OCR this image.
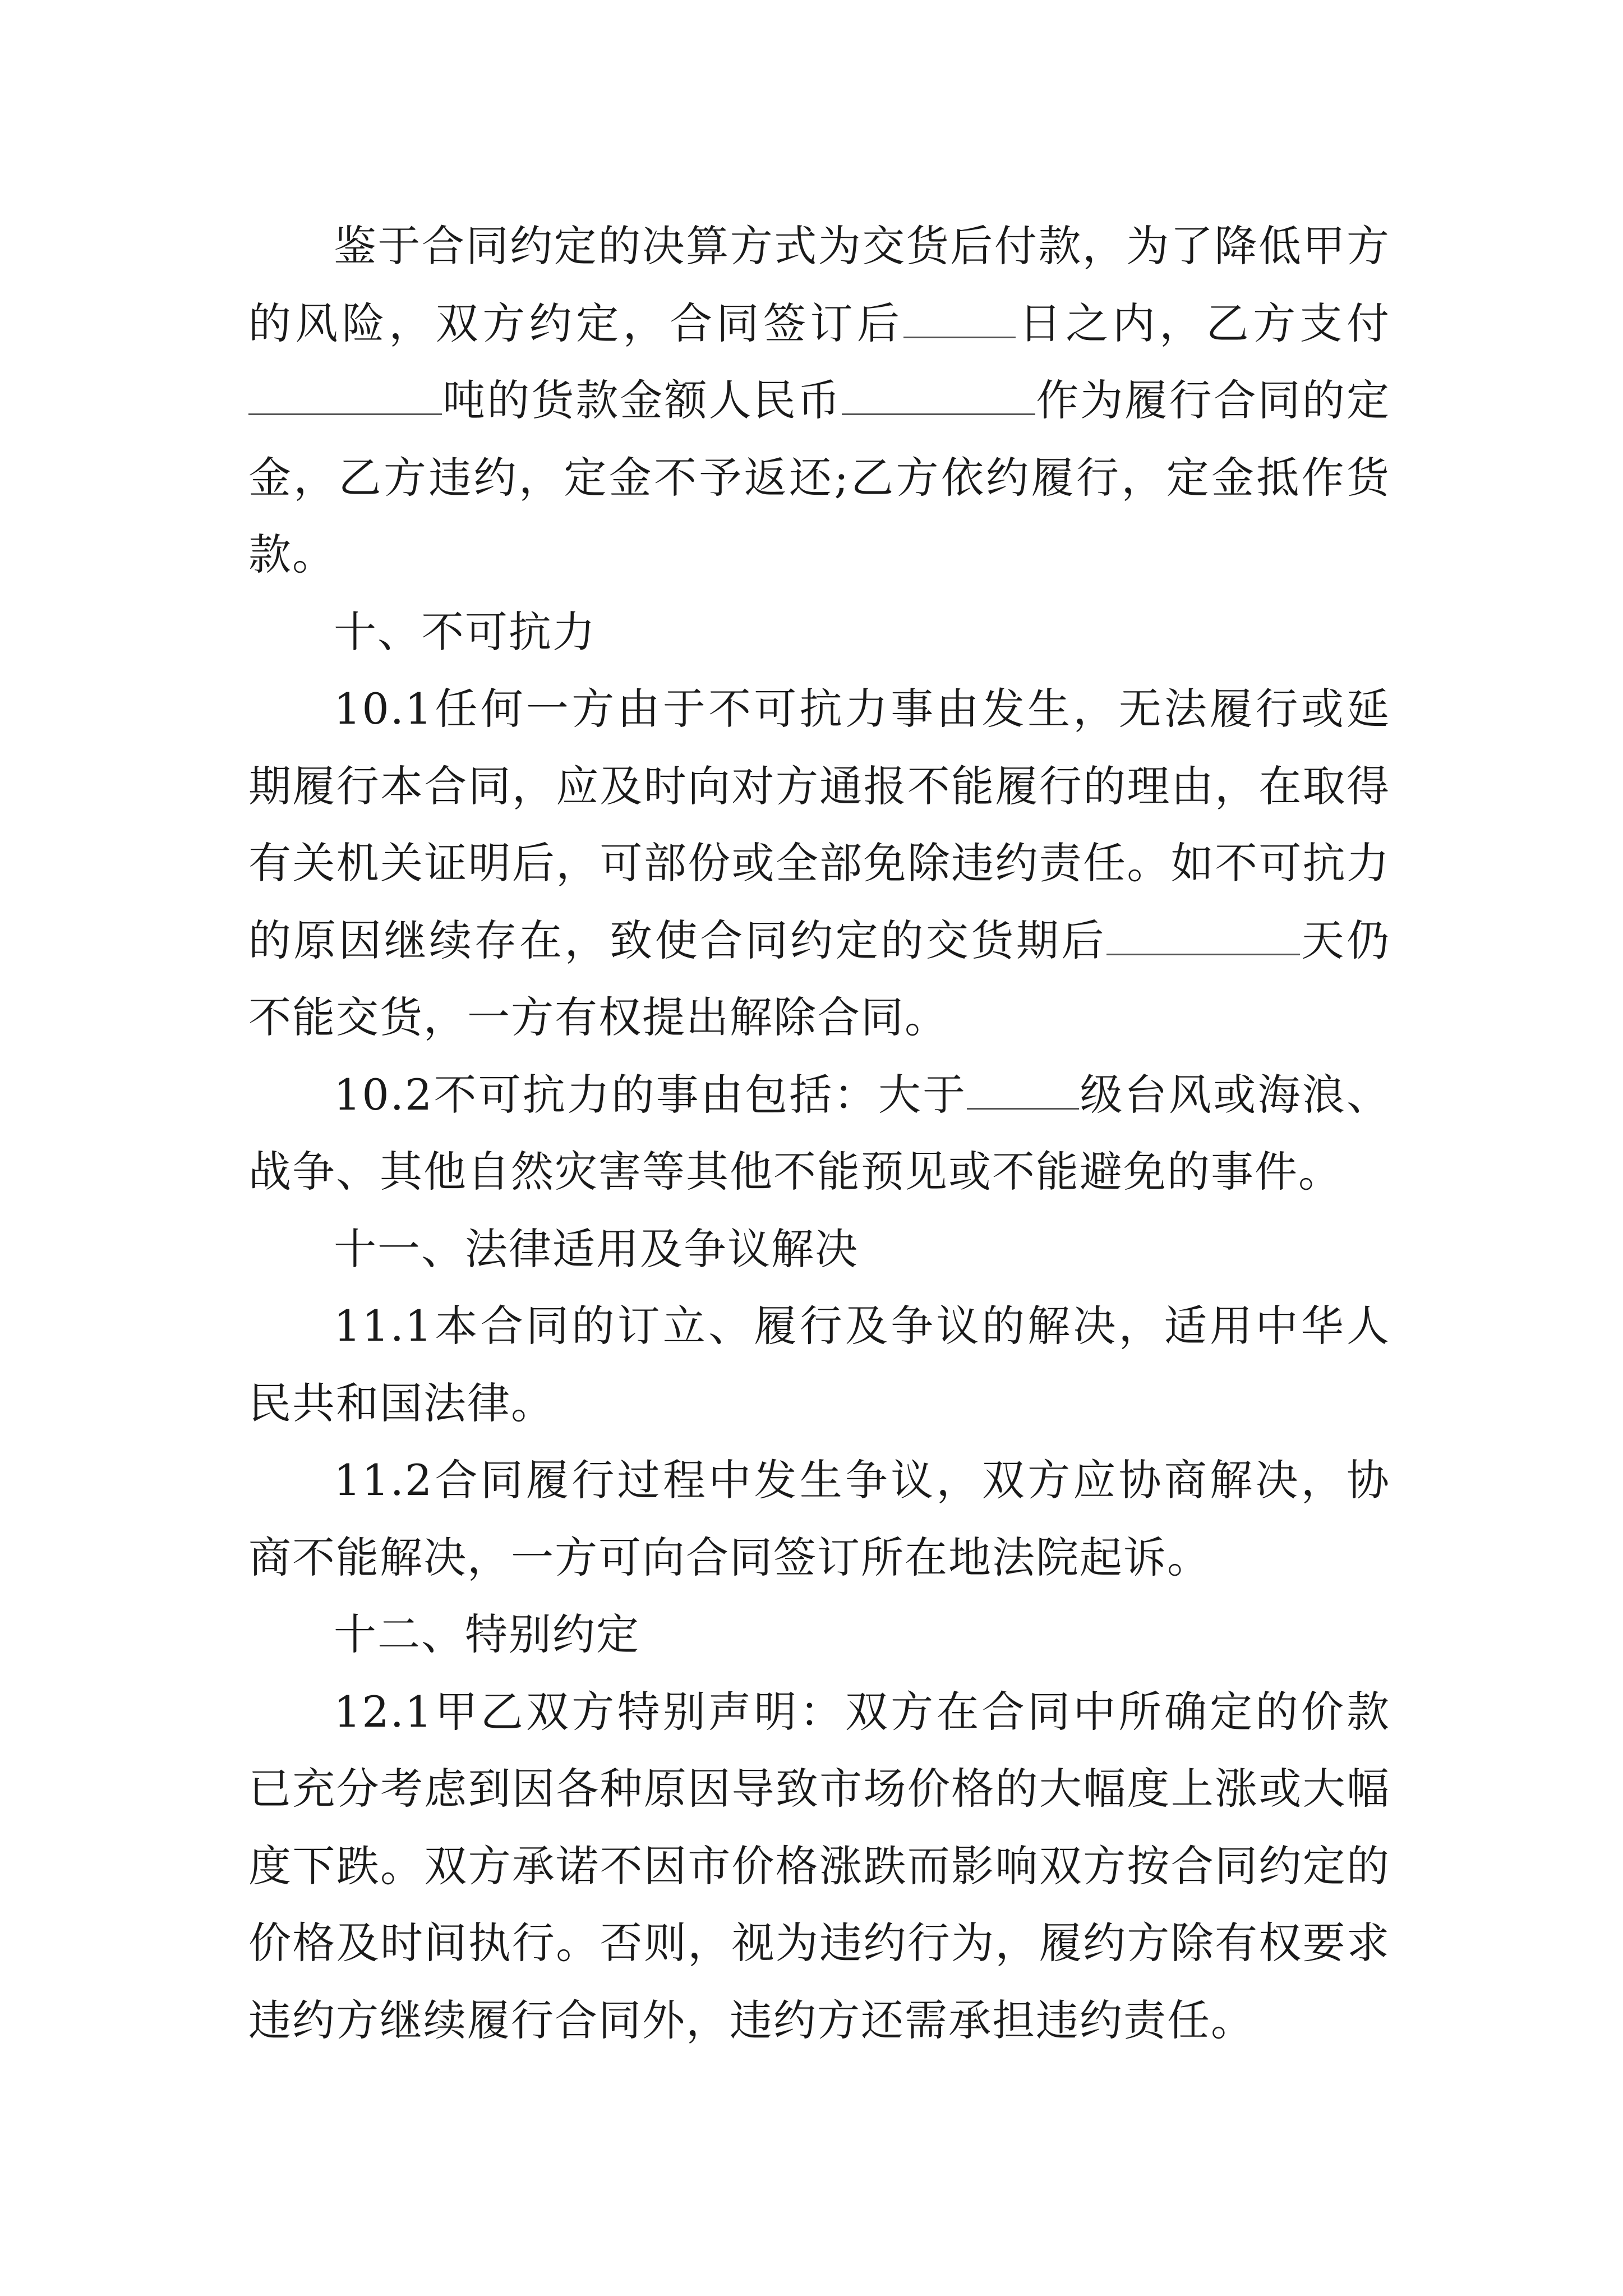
鉴于合同约定的决算方式为交货后付款，为了降低甲方的风险，双方约定，合同签订后	日之内，乙方支付吨的货款金额人民币	作为履行合同的定金，乙方违约，定金不予返还;乙方依约履行，定金抵作货款。

十、不可抗力

10.1任何一方由于不可抗力事由发生，无法履行或延期履行本合同，应及时向对方通报不能履行的理由，在取得有关机关证明后，可部份或全部免除违约责任。如不可抗力的原因继续存在，致使合同约定的交货期后	天仍不能交货，一方有权提出解除合同。

10.2不可抗力的事由包括：大于	级台风或海浪、战争、其他自然灾害等其他不能预见或不能避免的事件。

十一、法律适用及争议解决

11.1本合同的订立、履行及争议的解决，适用中华人民共和国法律。

11.2合同履行过程中发生争议，双方应协商解决，协商不能解决，一方可向合同签订所在地法院起诉。

十二、特别约定

12.1甲乙双方特别声明：双方在合同中所确定的价款已充分考虑到因各种原因导致市场价格的大幅度上涨或大幅度下跌。双方承诺不因市价格涨跌而影响双方按合同约定的价格及时间执行。否则，视为违约行为，履约方除有权要求违约方继续履行合同外，违约方还需承担违约责任。
